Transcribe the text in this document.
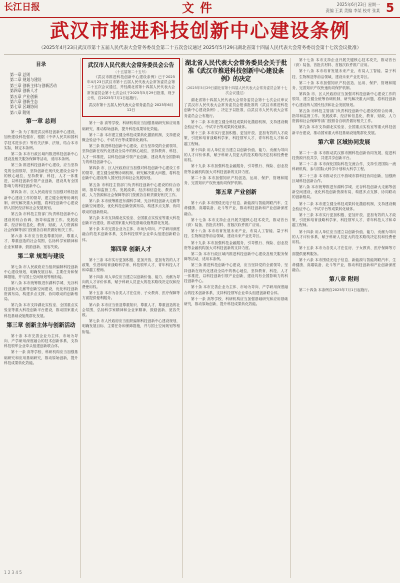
长江日报	文件	2025年6月23日 星期一
责编 王某 美编 李某 校对 张某 5
武汉市推进科技创新中心建设条例
（2025年4月23日武汉市第十五届人民代表大会常务委员会第二十五次会议通过 2025年5月29日湖北省第十四届人民代表大会常务委员会第十七次会议批准）
目录
第一章 总则
第二章 规划与建设
第三章 创新主体与创新活动
第四章 创新人才
第五章 产业创新
第六章 创新生态
第七章 区域协同
第八章 附则
第一章 总则

第一条 为了推进武汉科技创新中心建设，加快建设科技强市，根据《中华人民共和国科学技术进步法》等有关法律、法规，结合本市实际，制定本条例。

第二条 本市行政区域内推进科技创新中心建设及相关服务保障等活动，适用本条例。

第三条 推进科技创新中心建设，应当坚持党的全面领导，坚持创新在现代化建设全局中的核心地位，坚持教育、科技、人才一体推进，以科技创新引领产业创新，建设具有全国影响力的科技创新中心。

第四条 市、区人民政府应当加强对科技创新中心建设工作的领导，建立健全统筹协调机制，研究解决重大问题，将科技创新中心建设纳入国民经济和社会发展规划。

第五条 市科技主管部门负责科技创新中心建设的综合协调、指导和监督工作。发展改革、经济和信息化、教育、财政、人力资源和社会保障等部门按照各自职责做好相关工作。

第六条 本市应当营造尊重知识、尊重人才、尊重创造的社会氛围，弘扬科学家精神和企业家精神，鼓励创新、宽容失败。

第二章 规划与建设

第七条 市人民政府应当组织编制科技创新中心建设规划，明确发展目标、主要任务和保障措施，并与国土空间规划等相衔接。

第八条 本市统筹推进东湖科学城、光谷科技创新大走廊等创新空间建设，优化科技创新资源布局，构建多点支撑、协同联动的创新格局。

第九条 本市支持湖北实验室、全国重点实验室等重大科技创新平台建设，推动国家重大科技基础设施集群化发展。

第三章 创新主体与创新活动

第十条 本市完善企业为主体、市场为导向、产学研用深度融合的技术创新体系，支持科技领军企业牵头组建创新联合体。

第十一条 高等学校、科研机构应当加强基础研究和应用基础研究，推动原始创新，提升科技成果转化效能。

武汉市人民代表大会常务委员会公告
（十五届第二十五号）
《武汉市推进科技创新中心建设条例》已于2025年4月23日武汉市第十五届人民代表大会常务委员会第二十五次会议通过，并经湖北省第十四届人民代表大会常务委员会第十七次会议于2025年5月29日批准，现予公布，自2025年7月1日起施行。
武汉市第十五届人民代表大会常务委员会 2025年6月12日

第十一条 高等学校、科研机构应当加强基础研究和应用基础研究，推动原始创新，提升科技成果转化效能。

第十二条 本市建立健全科技成果转化激励机制，支持建设概念验证中心、中试平台等成果转化载体。

第三条 推进科技创新中心建设，应当坚持党的全面领导，坚持创新在现代化建设全局中的核心地位，坚持教育、科技、人才一体推进，以科技创新引领产业创新，建设具有全国影响力的科技创新中心。

第四条 市、区人民政府应当加强对科技创新中心建设工作的领导，建立健全统筹协调机制，研究解决重大问题，将科技创新中心建设纳入国民经济和社会发展规划。

第五条 市科技主管部门负责科技创新中心建设的综合协调、指导和监督工作。发展改革、经济和信息化、教育、财政、人力资源和社会保障等部门按照各自职责做好相关工作。

第八条 本市统筹推进东湖科学城、光谷科技创新大走廊等创新空间建设，优化科技创新资源布局，构建多点支撑、协同联动的创新格局。

第九条 本市支持湖北实验室、全国重点实验室等重大科技创新平台建设，推动国家重大科技基础设施集群化发展。

第十条 本市完善企业为主体、市场为导向、产学研用深度融合的技术创新体系，支持科技领军企业牵头组建创新联合体。

第四章 创新人才

第十三条 本市实行更加积极、更加开放、更加有效的人才政策，引进和培育战略科学家、科技领军人才、青年科技人才和卓越工程师。

第十四条 用人单位应当建立以创新价值、能力、贡献为导向的人才评价体系，赋予科研人员更大的技术路线决定权和经费使用权。

第十五条 本市为各类人才在住房、子女教育、医疗保障等方面提供便利服务。

第六条 本市应当营造尊重知识、尊重人才、尊重创造的社会氛围，弘扬科学家精神和企业家精神，鼓励创新、宽容失败。

第七条 市人民政府应当组织编制科技创新中心建设规划，明确发展目标、主要任务和保障措施，并与国土空间规划等相衔接。

湖北省人民代表大会常务委员会关于批准《武汉市推进科技创新中心建设条例》的决定
（2025年5月29日湖北省第十四届人民代表大会常务委员会第十七次会议通过）

湖北省第十四届人民代表大会常务委员会第十七次会议审议了武汉市人民代表大会常务委员会报请批准的《武汉市推进科技创新中心建设条例》，决定予以批准，由武汉市人民代表大会常务委员会公布施行。

第十二条 本市建立健全科技成果转化激励机制，支持建设概念验证中心、中试平台等成果转化载体。

第十三条 本市实行更加积极、更加开放、更加有效的人才政策，引进和培育战略科学家、科技领军人才、青年科技人才和卓越工程师。

第十四条 用人单位应当建立以创新价值、能力、贡献为导向的人才评价体系，赋予科研人员更大的技术路线决定权和经费使用权。

第十九条 本市加强科技金融服务，引导银行、保险、创业投资等金融机构加大对科技创新的支持力度。

第二十条 本市加强知识产权创造、运用、保护、管理和服务，完善知识产权快速协同保护机制。

第五章 产业创新

第十六条 本市围绕光电子信息、新能源与智能网联汽车、生命健康、高端装备、北斗等产业，推动科技创新和产业创新深度融合。

第十七条 本市支持企业开展关键核心技术攻关，推动首台（套）装备、首批次材料、首版次软件推广应用。

第十八条 本市培育发展未来产业，布局人工智能、量子科技、生物制造等前沿领域，建设未来产业先导区。

第十九条 本市加强科技金融服务，引导银行、保险、创业投资等金融机构加大对科技创新的支持力度。

第二条 本市行政区域内推进科技创新中心建设及相关服务保障等活动，适用本条例。

第三条 推进科技创新中心建设，应当坚持党的全面领导，坚持创新在现代化建设全局中的核心地位，坚持教育、科技、人才一体推进，以科技创新引领产业创新，建设具有全国影响力的科技创新中心。

第十条 本市完善企业为主体、市场为导向、产学研用深度融合的技术创新体系，支持科技领军企业牵头组建创新联合体。

第十一条 高等学校、科研机构应当加强基础研究和应用基础研究，推动原始创新，提升科技成果转化效能。

第十七条 本市支持企业开展关键核心技术攻关，推动首台（套）装备、首批次材料、首版次软件推广应用。

第十八条 本市培育发展未来产业，布局人工智能、量子科技、生物制造等前沿领域，建设未来产业先导区。

第二十条 本市加强知识产权创造、运用、保护、管理和服务，完善知识产权快速协同保护机制。

第四条 市、区人民政府应当加强对科技创新中心建设工作的领导，建立健全统筹协调机制，研究解决重大问题，将科技创新中心建设纳入国民经济和社会发展规划。

第五条 市科技主管部门负责科技创新中心建设的综合协调、指导和监督工作。发展改革、经济和信息化、教育、财政、人力资源和社会保障等部门按照各自职责做好相关工作。

第九条 本市支持湖北实验室、全国重点实验室等重大科技创新平台建设，推动国家重大科技基础设施集群化发展。

第六章 区域协同发展

第二十一条 本市推动武汉都市圈科技创新协同发展，促进科技资源开放共享，共建共享创新平台。

第二十二条 本市深化国际科技交流合作，支持引进国际一流科研机构，参与国际大科学计划和大科学工程。

第二十三条 本市推动长江中游城市群科技协同创新，加强跨区域科技创新合作。

第八条 本市统筹推进东湖科学城、光谷科技创新大走廊等创新空间建设，优化科技创新资源布局，构建多点支撑、协同联动的创新格局。

第十二条 本市建立健全科技成果转化激励机制，支持建设概念验证中心、中试平台等成果转化载体。

第十三条 本市实行更加积极、更加开放、更加有效的人才政策，引进和培育战略科学家、科技领军人才、青年科技人才和卓越工程师。

第十四条 用人单位应当建立以创新价值、能力、贡献为导向的人才评价体系，赋予科研人员更大的技术路线决定权和经费使用权。

第十五条 本市为各类人才在住房、子女教育、医疗保障等方面提供便利服务。

第十六条 本市围绕光电子信息、新能源与智能网联汽车、生命健康、高端装备、北斗等产业，推动科技创新和产业创新深度融合。

第八章 附则

第二十四条 本条例自2025年7月1日起施行。

1 2 3 4 5
